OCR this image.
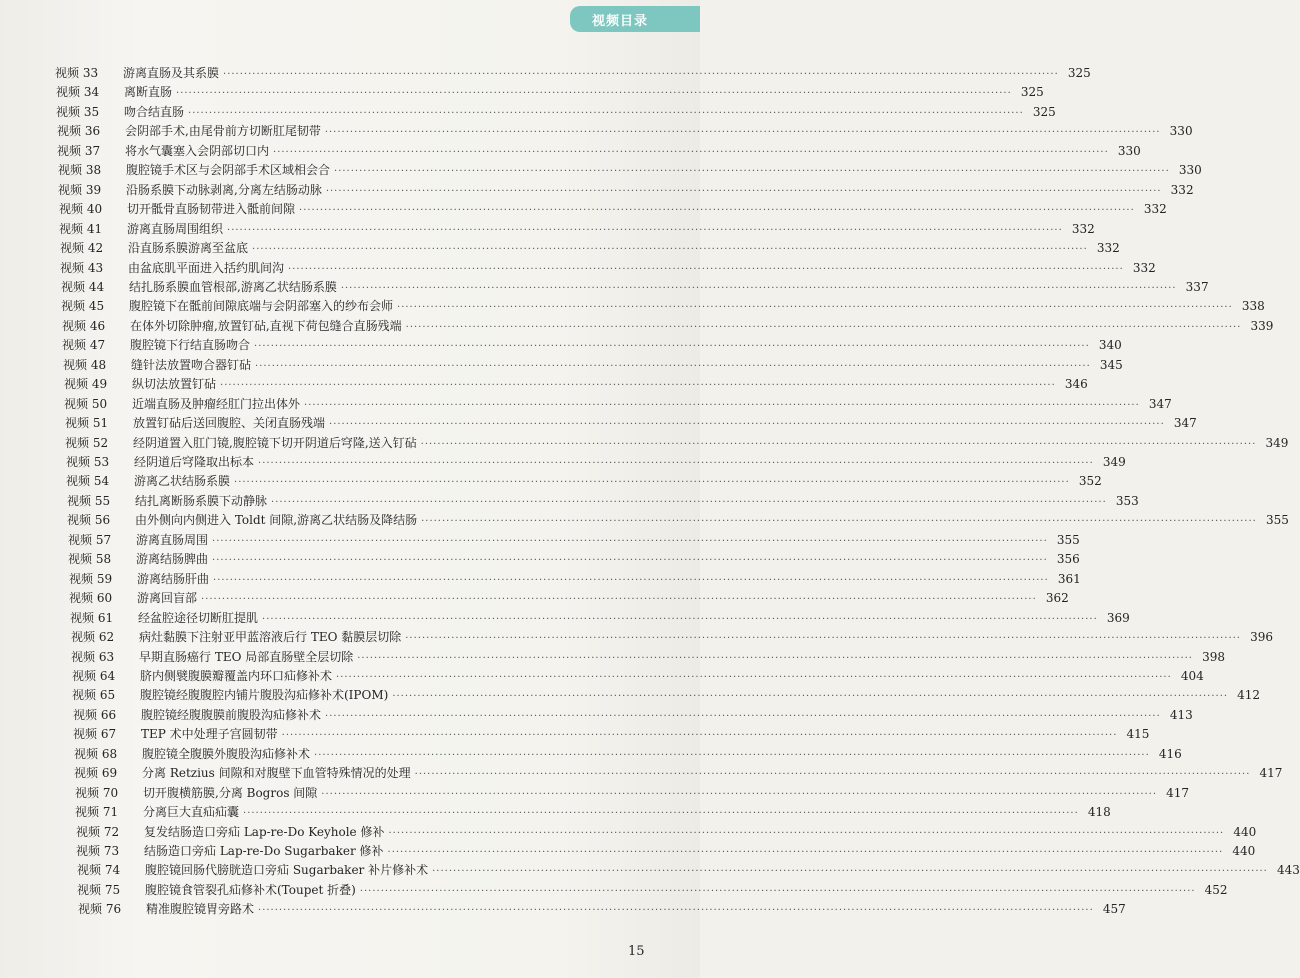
视频目录
视频 33	游离直肠及其系膜 ········································································································································································································ 325
视频 34	离断直肠 ········································································································································································································ 325
视频 35	吻合结直肠 ········································································································································································································ 325
视频 36	会阴部手术,由尾骨前方切断肛尾韧带 ········································································································································································································ 330
视频 37	将水气囊塞入会阴部切口内 ········································································································································································································ 330
视频 38	腹腔镜手术区与会阴部手术区域相会合 ········································································································································································································ 330
视频 39	沿肠系膜下动脉剥离,分离左结肠动脉 ········································································································································································································ 332
视频 40	切开骶骨直肠韧带进入骶前间隙 ········································································································································································································ 332
视频 41	游离直肠周围组织 ········································································································································································································ 332
视频 42	沿直肠系膜游离至盆底 ········································································································································································································ 332
视频 43	由盆底肌平面进入括约肌间沟 ········································································································································································································ 332
视频 44	结扎肠系膜血管根部,游离乙状结肠系膜 ········································································································································································································ 337
视频 45	腹腔镜下在骶前间隙底端与会阴部塞入的纱布会师 ········································································································································································································ 338
视频 46	在体外切除肿瘤,放置钉砧,直视下荷包缝合直肠残端 ········································································································································································································ 339
视频 47	腹腔镜下行结直肠吻合 ········································································································································································································ 340
视频 48	缝针法放置吻合器钉砧 ········································································································································································································ 345
视频 49	纵切法放置钉砧 ········································································································································································································ 346
视频 50	近端直肠及肿瘤经肛门拉出体外 ········································································································································································································ 347
视频 51	放置钉砧后送回腹腔、关闭直肠残端 ········································································································································································································ 347
视频 52	经阴道置入肛门镜,腹腔镜下切开阴道后穹隆,送入钉砧 ········································································································································································································ 349
视频 53	经阴道后穹隆取出标本 ········································································································································································································ 349
视频 54	游离乙状结肠系膜 ········································································································································································································ 352
视频 55	结扎离断肠系膜下动静脉 ········································································································································································································ 353
视频 56	由外侧向内侧进入 Toldt 间隙,游离乙状结肠及降结肠 ········································································································································································································ 355
视频 57	游离直肠周围 ········································································································································································································ 355
视频 58	游离结肠脾曲 ········································································································································································································ 356
视频 59	游离结肠肝曲 ········································································································································································································ 361
视频 60	游离回盲部 ········································································································································································································ 362
视频 61	经盆腔途径切断肛提肌 ········································································································································································································ 369
视频 62	病灶黏膜下注射亚甲蓝溶液后行 TEO 黏膜层切除 ········································································································································································································ 396
视频 63	早期直肠癌行 TEO 局部直肠壁全层切除 ········································································································································································································ 398
视频 64	脐内侧襞腹膜瓣覆盖内环口疝修补术 ········································································································································································································ 404
视频 65	腹腔镜经腹腹腔内铺片腹股沟疝修补术(IPOM) ········································································································································································································ 412
视频 66	腹腔镜经腹腹膜前腹股沟疝修补术 ········································································································································································································ 413
视频 67	TEP 术中处理子宫圆韧带 ········································································································································································································ 415
视频 68	腹腔镜全腹膜外腹股沟疝修补术 ········································································································································································································ 416
视频 69	分离 Retzius 间隙和对腹壁下血管特殊情况的处理 ········································································································································································································ 417
视频 70	切开腹横筋膜,分离 Bogros 间隙 ········································································································································································································ 417
视频 71	分离巨大直疝疝囊 ········································································································································································································ 418
视频 72	复发结肠造口旁疝 Lap-re-Do Keyhole 修补 ········································································································································································································ 440
视频 73	结肠造口旁疝 Lap-re-Do Sugarbaker 修补 ········································································································································································································ 440
视频 74	腹腔镜回肠代膀胱造口旁疝 Sugarbaker 补片修补术 ········································································································································································································ 443
视频 75	腹腔镜食管裂孔疝修补术(Toupet 折叠) ········································································································································································································ 452
视频 76	精准腹腔镜胃旁路术 ········································································································································································································ 457
15
